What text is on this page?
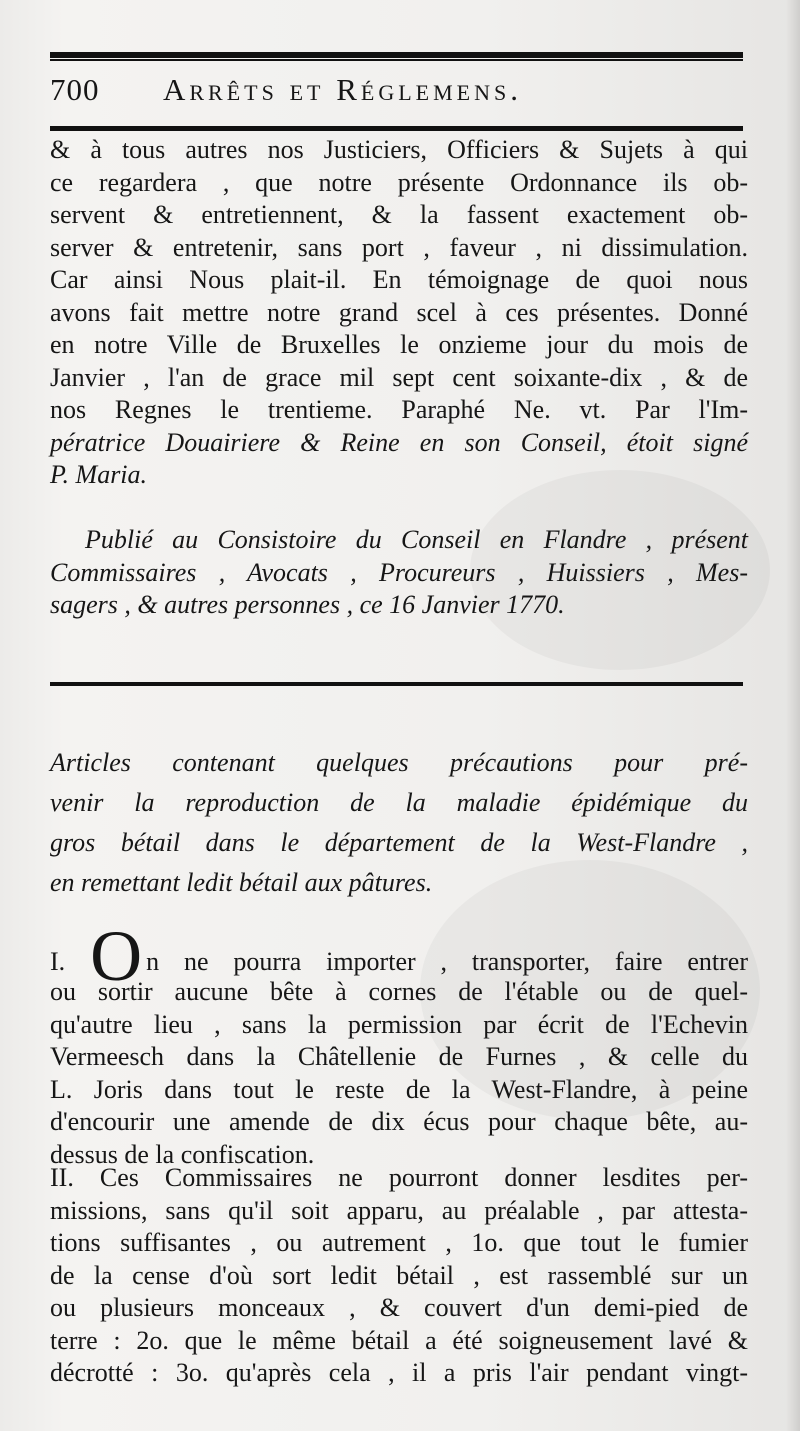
700 Arrêts et Réglemens.
& à tous autres nos Justiciers, Officiers & Sujets à qui
ce regardera , que notre présente Ordonnance ils ob-
servent & entretiennent, & la fassent exactement ob-
server & entretenir, sans port , faveur , ni dissimulation.
Car ainsi Nous plait-il. En témoignage de quoi nous
avons fait mettre notre grand scel à ces présentes. Donné
en notre Ville de Bruxelles le onzieme jour du mois de
Janvier , l'an de grace mil sept cent soixante-dix , & de
nos Regnes le trentieme. Paraphé Ne. vt. Par l'Im-
pératrice Douairiere & Reine en son Conseil, étoit signé
P. Maria.
Publié au Consistoire du Conseil en Flandre , présent
Commissaires , Avocats , Procureurs , Huissiers , Mes-
sagers , & autres personnes , ce 16 Janvier 1770.
Articles contenant quelques précautions pour pré-
venir la reproduction de la maladie épidémique du
gros bétail dans le département de la West-Flandre ,
en remettant ledit bétail aux pâtures.
I. O n ne pourra importer , transporter, faire entrer
ou sortir aucune bête à cornes de l'étable ou de quel-
qu'autre lieu , sans la permission par écrit de l'Echevin
Vermeesch dans la Châtellenie de Furnes , & celle du
L. Joris dans tout le reste de la West-Flandre, à peine
d'encourir une amende de dix écus pour chaque bête, au-
dessus de la confiscation.
II. Ces Commissaires ne pourront donner lesdites per-
missions, sans qu'il soit apparu, au préalable , par attesta-
tions suffisantes , ou autrement , 1o. que tout le fumier
de la cense d'où sort ledit bétail , est rassemblé sur un
ou plusieurs monceaux , & couvert d'un demi-pied de
terre : 2o. que le même bétail a été soigneusement lavé &
décrotté : 3o. qu'après cela , il a pris l'air pendant vingt-
